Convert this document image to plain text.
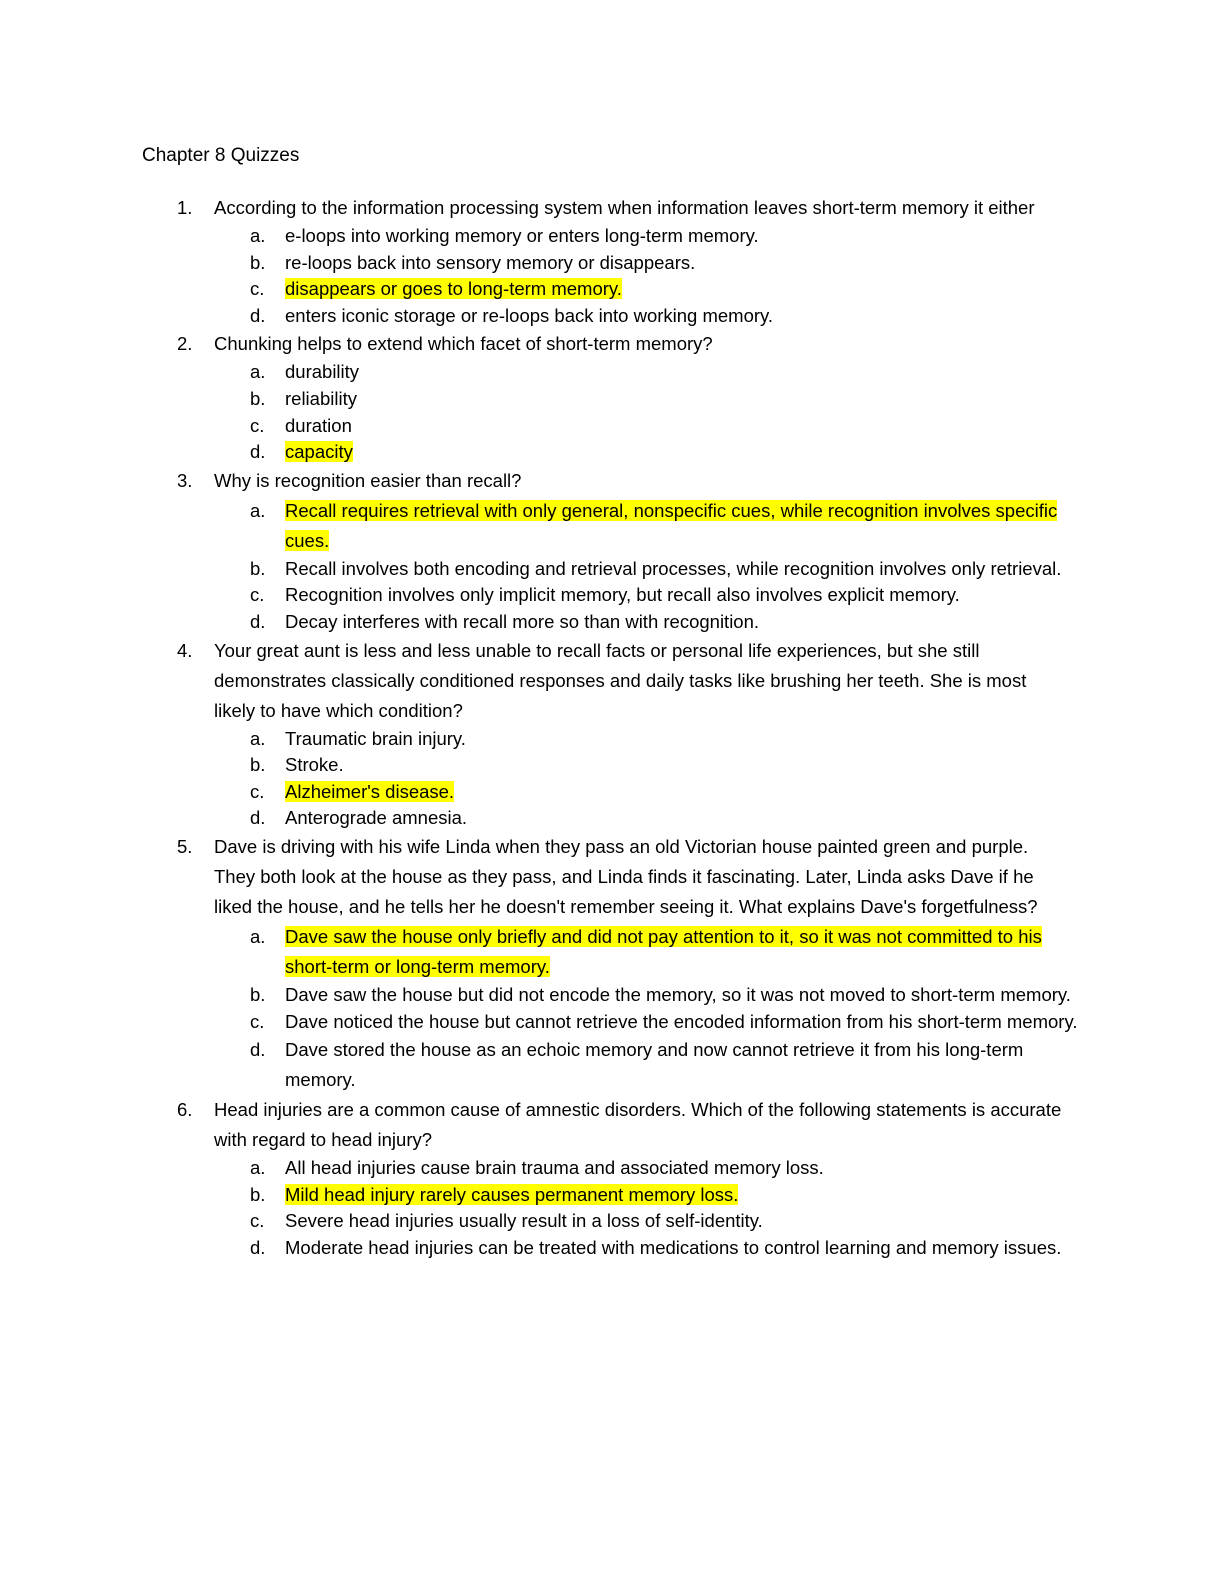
Chapter 8 Quizzes
1. According to the information processing system when information leaves short-term memory it either
a. e-loops into working memory or enters long-term memory.
b. re-loops back into sensory memory or disappears.
c. disappears or goes to long-term memory.
d. enters iconic storage or re-loops back into working memory.
2. Chunking helps to extend which facet of short-term memory?
a. durability
b. reliability
c. duration
d. capacity
3. Why is recognition easier than recall?
a. Recall requires retrieval with only general, nonspecific cues, while recognition involves specific cues.
b. Recall involves both encoding and retrieval processes, while recognition involves only retrieval.
c. Recognition involves only implicit memory, but recall also involves explicit memory.
d. Decay interferes with recall more so than with recognition.
4. Your great aunt is less and less unable to recall facts or personal life experiences, but she still demonstrates classically conditioned responses and daily tasks like brushing her teeth. She is most likely to have which condition?
a. Traumatic brain injury.
b. Stroke.
c. Alzheimer's disease.
d. Anterograde amnesia.
5. Dave is driving with his wife Linda when they pass an old Victorian house painted green and purple. They both look at the house as they pass, and Linda finds it fascinating. Later, Linda asks Dave if he liked the house, and he tells her he doesn't remember seeing it. What explains Dave's forgetfulness?
a. Dave saw the house only briefly and did not pay attention to it, so it was not committed to his short-term or long-term memory.
b. Dave saw the house but did not encode the memory, so it was not moved to short-term memory.
c. Dave noticed the house but cannot retrieve the encoded information from his short-term memory.
d. Dave stored the house as an echoic memory and now cannot retrieve it from his long-term memory.
6. Head injuries are a common cause of amnestic disorders. Which of the following statements is accurate with regard to head injury?
a. All head injuries cause brain trauma and associated memory loss.
b. Mild head injury rarely causes permanent memory loss.
c. Severe head injuries usually result in a loss of self-identity.
d. Moderate head injuries can be treated with medications to control learning and memory issues.
